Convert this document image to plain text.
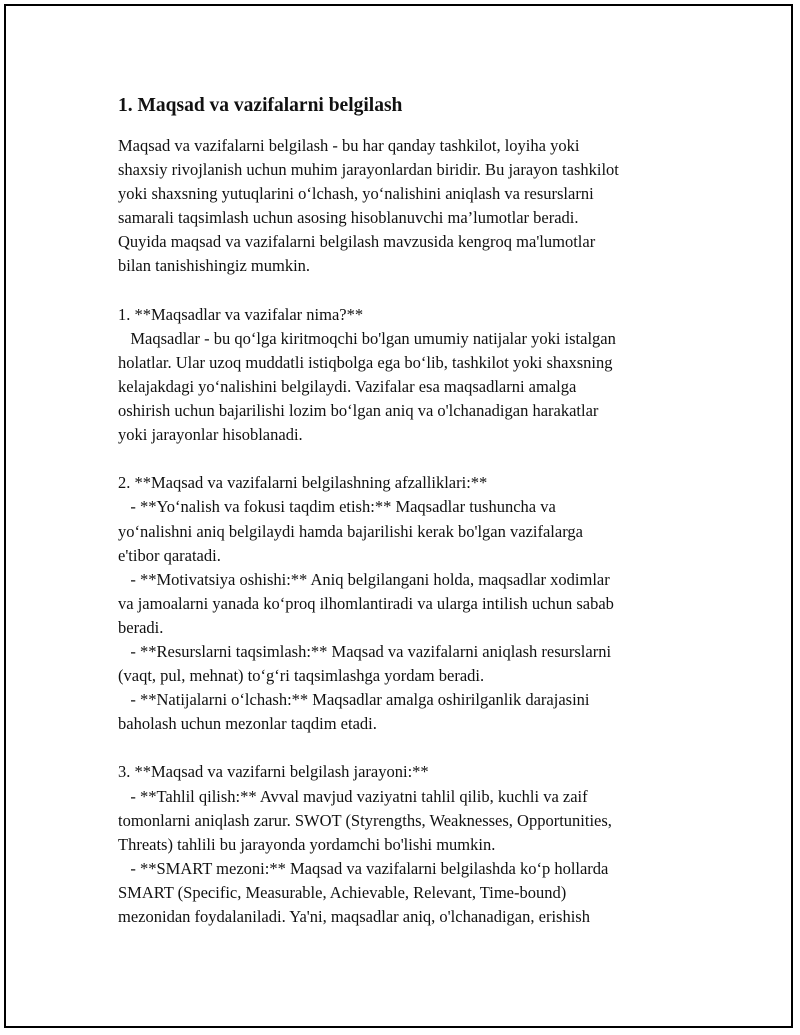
1. Maqsad va vazifalarni belgilash
Maqsad va vazifalarni belgilash - bu har qanday tashkilot, loyiha yoki
shaxsiy rivojlanish uchun muhim jarayonlardan biridir. Bu jarayon tashkilot
yoki shaxsning yutuqlarini o‘lchash, yo‘nalishini aniqlash va resurslarni
samarali taqsimlash uchun asosing hisoblanuvchi ma’lumotlar beradi.
Quyida maqsad va vazifalarni belgilash mavzusida kengroq ma'lumotlar
bilan tanishishingiz mumkin.
1. **Maqsadlar va vazifalar nima?**
Maqsadlar - bu qo‘lga kiritmoqchi bo'lgan umumiy natijalar yoki istalgan
holatlar. Ular uzoq muddatli istiqbolga ega bo‘lib, tashkilot yoki shaxsning
kelajakdagi yo‘nalishini belgilaydi. Vazifalar esa maqsadlarni amalga
oshirish uchun bajarilishi lozim bo‘lgan aniq va o'lchanadigan harakatlar
yoki jarayonlar hisoblanadi.
2. **Maqsad va vazifalarni belgilashning afzalliklari:**
- **Yo‘nalish va fokusi taqdim etish:** Maqsadlar tushuncha va
yo‘nalishni aniq belgilaydi hamda bajarilishi kerak bo'lgan vazifalarga
e'tibor qaratadi.
- **Motivatsiya oshishi:** Aniq belgilangani holda, maqsadlar xodimlar
va jamoalarni yanada ko‘proq ilhomlantiradi va ularga intilish uchun sabab
beradi.
- **Resurslarni taqsimlash:** Maqsad va vazifalarni aniqlash resurslarni
(vaqt, pul, mehnat) to‘g‘ri taqsimlashga yordam beradi.
- **Natijalarni o‘lchash:** Maqsadlar amalga oshirilganlik darajasini
baholash uchun mezonlar taqdim etadi.
3. **Maqsad va vazifarni belgilash jarayoni:**
- **Tahlil qilish:** Avval mavjud vaziyatni tahlil qilib, kuchli va zaif
tomonlarni aniqlash zarur. SWOT (Styrengths, Weaknesses, Opportunities,
Threats) tahlili bu jarayonda yordamchi bo'lishi mumkin.
- **SMART mezoni:** Maqsad va vazifalarni belgilashda ko‘p hollarda
SMART (Specific, Measurable, Achievable, Relevant, Time-bound)
mezonidan foydalaniladi. Ya'ni, maqsadlar aniq, o'lchanadigan, erishish
